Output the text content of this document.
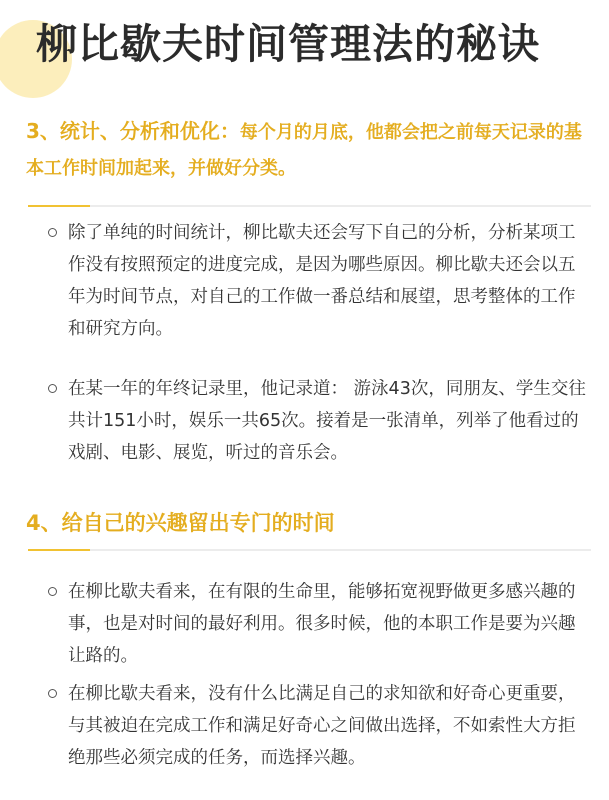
柳比歇夫时间管理法的秘诀
3、统计、分析和优化：每个月的月底，他都会把之前每天记录的基本工作时间加起来，并做好分类。
除了单纯的时间统计，柳比歇夫还会写下自己的分析，分析某项工作没有按照预定的进度完成，是因为哪些原因。柳比歇夫还会以五年为时间节点，对自己的工作做一番总结和展望，思考整体的工作和研究方向。
在某一年的年终记录里，他记录道： 游泳43次，同朋友、学生交往共计151小时，娱乐一共65次。接着是一张清单，列举了他看过的戏剧、电影、展览，听过的音乐会。
4、给自己的兴趣留出专门的时间
在柳比歇夫看来，在有限的生命里，能够拓宽视野做更多感兴趣的事，也是对时间的最好利用。很多时候，他的本职工作是要为兴趣让路的。
在柳比歇夫看来，没有什么比满足自己的求知欲和好奇心更重要，与其被迫在完成工作和满足好奇心之间做出选择，不如索性大方拒绝那些必须完成的任务，而选择兴趣。
